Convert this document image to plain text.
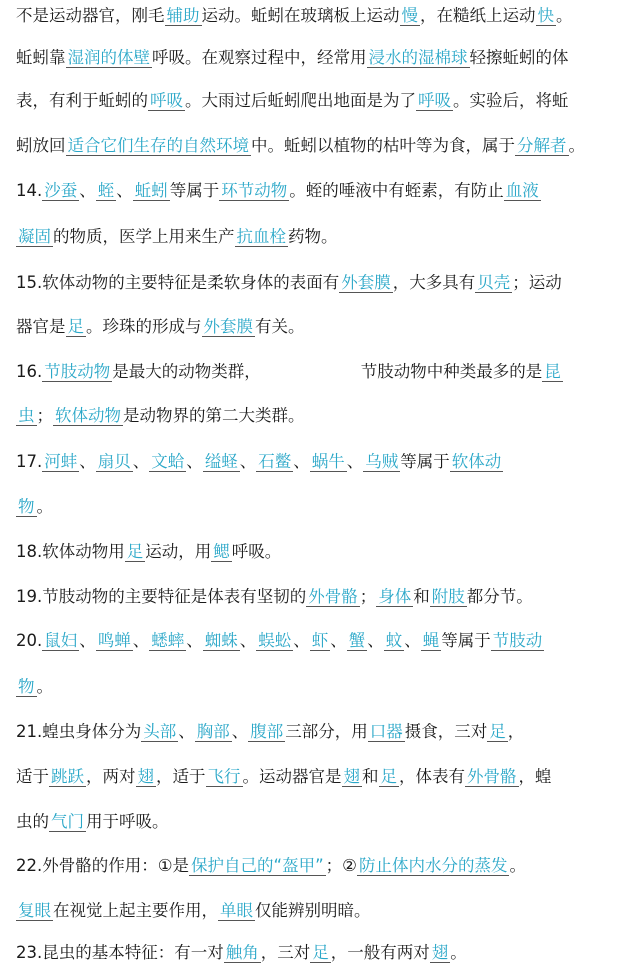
不是运动器官，刚毛 辅助 运动。蚯蚓在玻璃板上运动 慢 ，在糙纸上运动 快 。
蚯蚓靠 湿润的体壁 呼吸。在观察过程中，经常用 浸水的湿棉球 轻擦蚯蚓的体
表，有利于蚯蚓的 呼吸 。大雨过后蚯蚓爬出地面是为了 呼吸 。实验后，将蚯
蚓放回 适合它们生存的自然环境 中。蚯蚓以植物的枯叶等为食，属于 分解者 。
14. 沙蚕 、 蛭 、 蚯蚓 等属于 环节动物 。蛭的唾液中有蛭素，有防止 血液
凝固 的物质，医学上用来生产 抗血栓 药物。
15.软体动物的主要特征是柔软身体的表面有 外套膜 ，大多具有 贝壳 ；运动
器官是 足 。珍珠的形成与 外套膜 有关。
16. 节肢动物 是最大的动物类群，	节肢动物中种类最多的是 昆
虫 ； 软体动物 是动物界的第二大类群。
17. 河蚌 、 扇贝 、 文蛤 、 缢蛏 、 石鳖 、 蜗牛 、 乌贼 等属于 软体动
物 。
18.软体动物用 足 运动，用 鳃 呼吸。
19.节肢动物的主要特征是体表有坚韧的 外骨骼 ； 身体 和 附肢 都分节。
20. 鼠妇 、 鸣蝉 、 蟋蟀 、 蜘蛛 、 蜈蚣 、 虾 、 蟹 、 蚊 、 蝇 等属于 节肢动
物 。
21.蝗虫身体分为 头部 、 胸部 、 腹部 三部分，用 口器 摄食，三对 足 ，
适于 跳跃 ，两对 翅 ，适于 飞行 。运动器官是 翅 和 足 ，体表有 外骨骼 ，蝗
虫的 气门 用于呼吸。
22.外骨骼的作用：①是 保护自己的“盔甲” ；② 防止体内水分的蒸发 。
复眼 在视觉上起主要作用， 单眼 仅能辨别明暗。
23.昆虫的基本特征：有一对 触角 ，三对 足 ，一般有两对 翅 。
